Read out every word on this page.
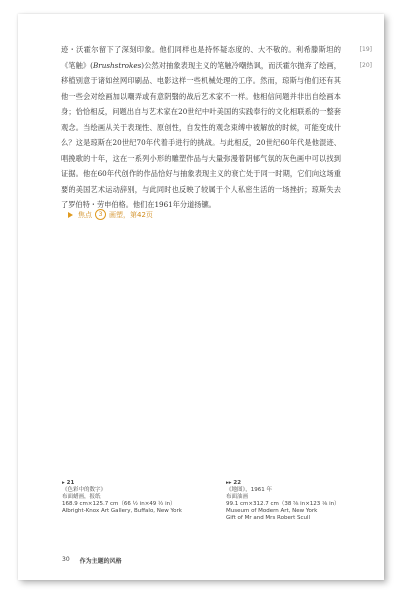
迹・沃霍尔留下了深刻印象。他们同样也是持怀疑态度的、大不敬的。利希滕斯坦的《笔触》(Brushstrokes)公然对抽象表现主义的笔触冷嘲热讽，而沃霍尔抛弃了绘画，移植别意于诸如丝网印刷品、电影这样一些机械处理的工序。然而，琼斯与他们还有其他一些会对绘画加以嘲弄或有意阴翳的战后艺术家不一样。他相信问题并非出自绘画本身；恰恰相反，问题出自与艺术家在20世纪中叶美国的实践奉行的文化相联系的一整套观念。当绘画从关于表现性、原创性，自发性的观念束缚中被解放的时候，可能变成什么？这是琼斯在20世纪70年代着手进行的挑战。与此相反，20世纪60年代是他混迹、唱挽歌的十年，这在一系列小形的雕塑作品与大量弥漫着阴郁气氛的灰色画中可以找到证据。他在60年代创作的作品恰好与抽象表现主义的衰亡处于同一时期，它们向这场重要的美国艺术运动辞别，与此同时也反映了较属于个人私密生活的一场挫折；琼斯失去了罗伯特・劳申伯格。他们在1961年分道扬镳。

[19]
[20]
焦点	3 画塑，第42页
▸ 21
《色彩中的数字》
布面蜡画，报纸
168.9 cm×125.7 cm（66 ½ in×49 ½ in）
Albright-Knox Art Gallery, Buffalo, New York
▸▸ 22
《地图》，1961 年
布面油画
99.1 cm×312.7 cm（38 ⅝ in×123 ⅛ in）
Museum of Modern Art, New York
Gift of Mr and Mrs Robert Scull
30 作为主题的风格
